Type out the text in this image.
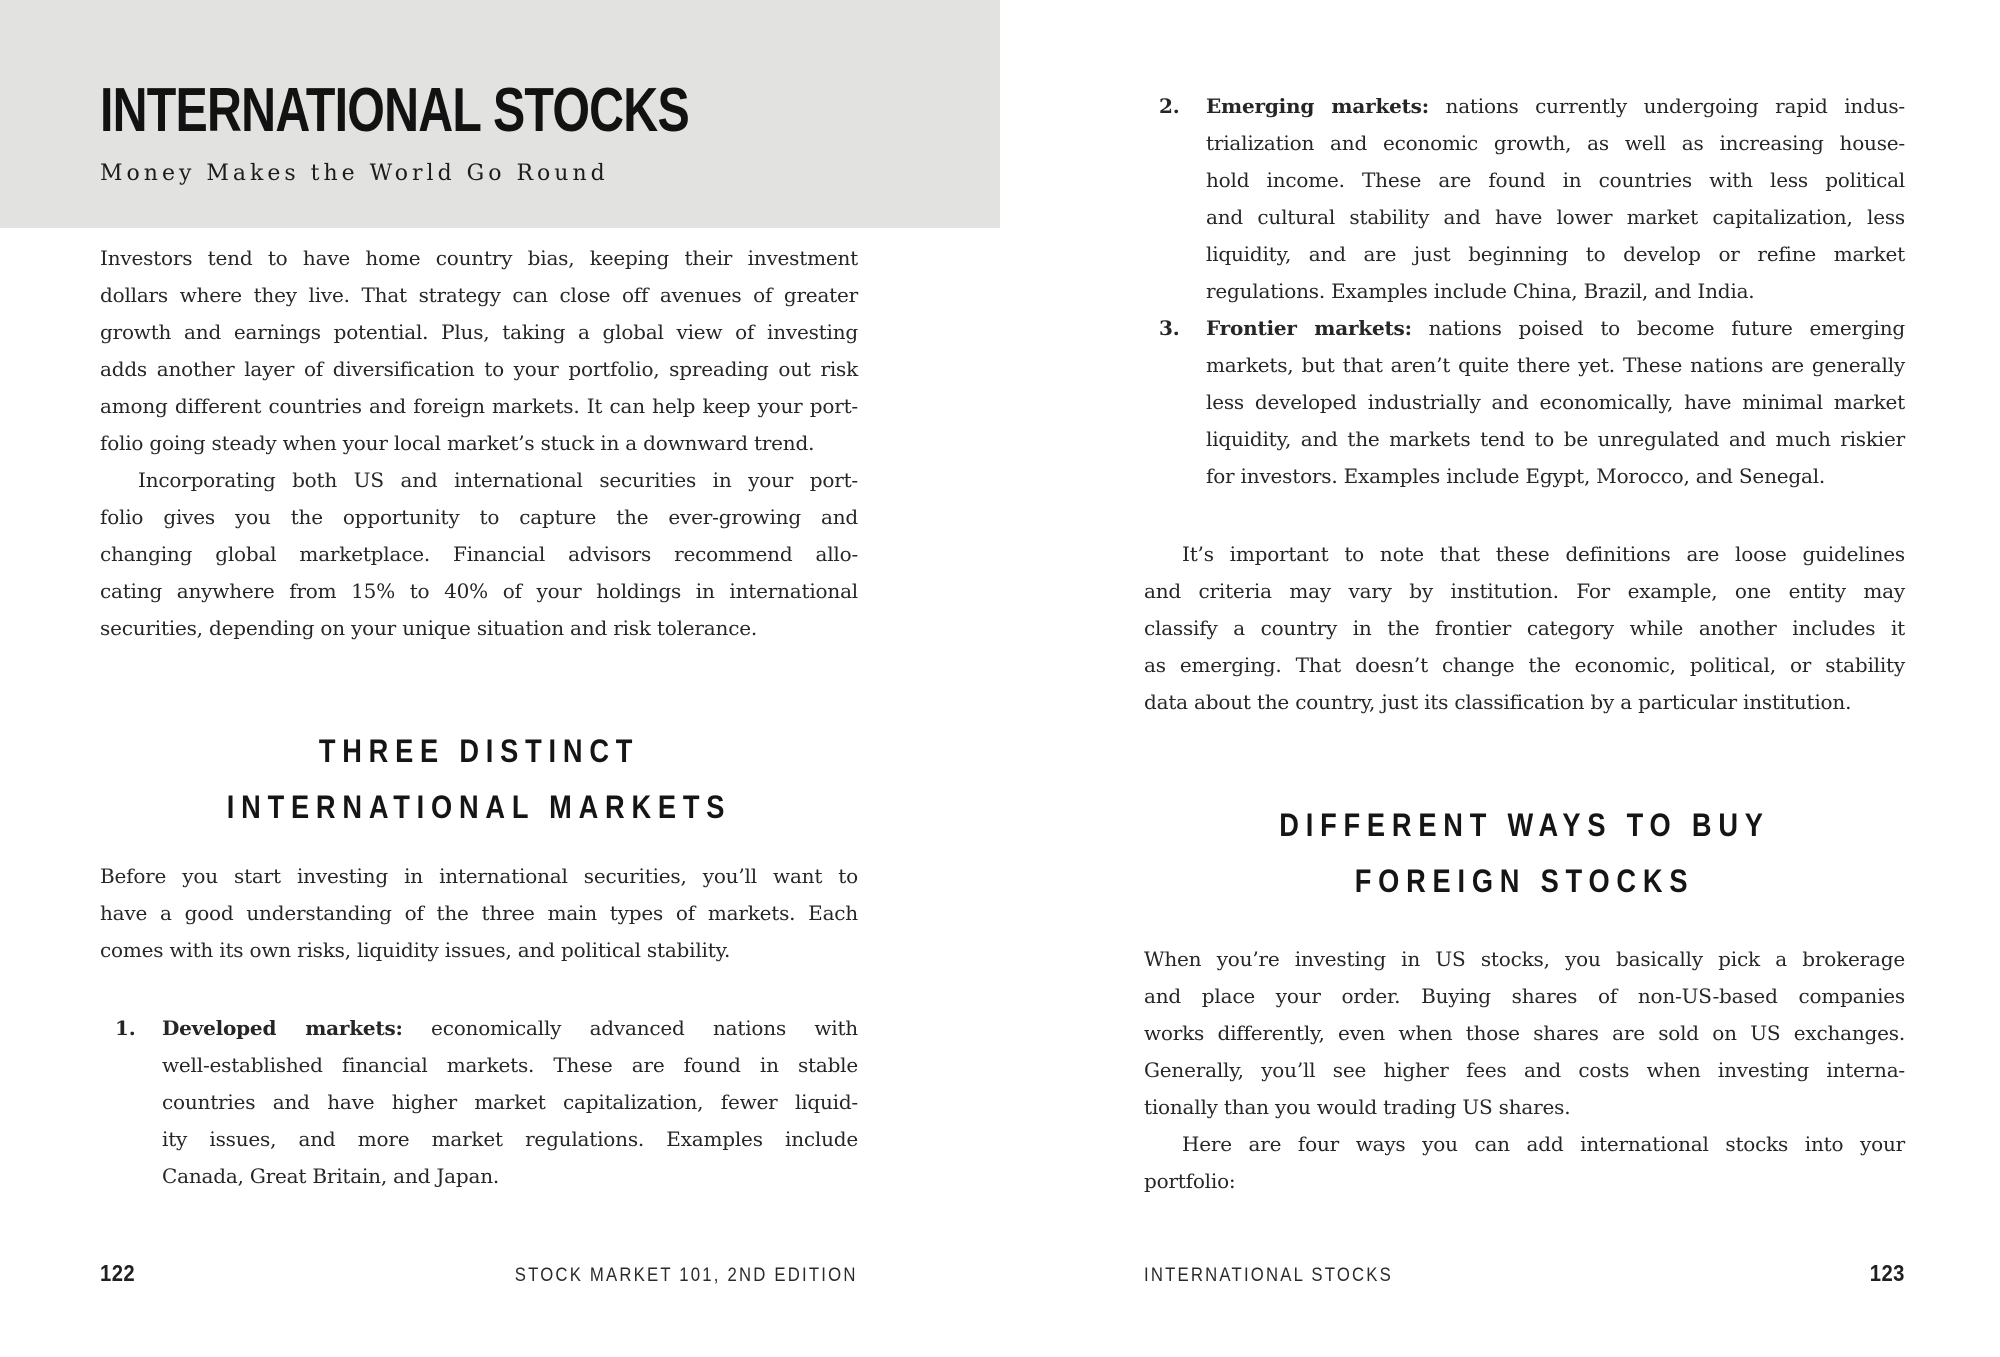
INTERNATIONAL STOCKS
Money Makes the World Go Round
Investors tend to have home country bias, keeping their investment
dollars where they live. That strategy can close off avenues of greater
growth and earnings potential. Plus, taking a global view of investing
adds another layer of diversification to your portfolio, spreading out risk
among different countries and foreign markets. It can help keep your port-
folio going steady when your local market’s stuck in a downward trend.
Incorporating both US and international securities in your port-
folio gives you the opportunity to capture the ever-growing and
changing global marketplace. Financial advisors recommend allo-
cating anywhere from 15% to 40% of your holdings in international
securities, depending on your unique situation and risk tolerance.
THREE DISTINCT
INTERNATIONAL MARKETS
Before you start investing in international securities, you’ll want to
have a good understanding of the three main types of markets. Each
comes with its own risks, liquidity issues, and political stability.
1.	Developed markets: economically advanced nations with
well-established financial markets. These are found in stable
countries and have higher market capitalization, fewer liquid-
ity issues, and more market regulations. Examples include
Canada, Great Britain, and Japan.
122	STOCK MARKET 101, 2ND EDITION
2.	Emerging markets: nations currently undergoing rapid indus-
trialization and economic growth, as well as increasing house-
hold income. These are found in countries with less political
and cultural stability and have lower market capitalization, less
liquidity, and are just beginning to develop or refine market
regulations. Examples include China, Brazil, and India.
3.	Frontier markets: nations poised to become future emerging
markets, but that aren’t quite there yet. These nations are generally
less developed industrially and economically, have minimal market
liquidity, and the markets tend to be unregulated and much riskier
for investors. Examples include Egypt, Morocco, and Senegal.
It’s important to note that these definitions are loose guidelines
and criteria may vary by institution. For example, one entity may
classify a country in the frontier category while another includes it
as emerging. That doesn’t change the economic, political, or stability
data about the country, just its classification by a particular institution.
DIFFERENT WAYS TO BUY
FOREIGN STOCKS
When you’re investing in US stocks, you basically pick a brokerage
and place your order. Buying shares of non-US-based companies
works differently, even when those shares are sold on US exchanges.
Generally, you’ll see higher fees and costs when investing interna-
tionally than you would trading US shares.
Here are four ways you can add international stocks into your
portfolio:
INTERNATIONAL STOCKS	123
